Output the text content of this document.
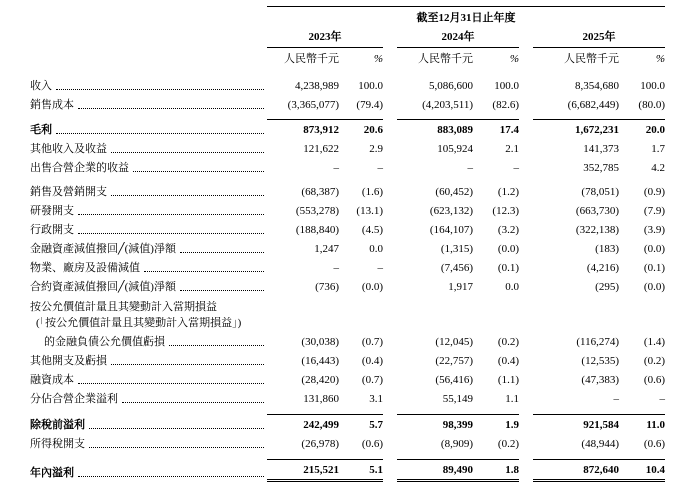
截至12月31日止年度
2023年	2024年	2025年
人民幣千元	%	人民幣千元	%	人民幣千元	%
收入	4,238,989	100.0	5,086,600	100.0	8,354,680	100.0
銷售成本	(3,365,077)	(79.4)	(4,203,511)	(82.6)	(6,682,449)	(80.0)
毛利	873,912	20.6	883,089	17.4	1,672,231	20.0
其他收入及收益	121,622	2.9	105,924	2.1	141,373	1.7
出售合營企業的收益	–	–	–	–	352,785	4.2
銷售及營銷開支	(68,387)	(1.6)	(60,452)	(1.2)	(78,051)	(0.9)
研發開支	(553,278)	(13.1)	(623,132)	(12.3)	(663,730)	(7.9)
行政開支	(188,840)	(4.5)	(164,107)	(3.2)	(322,138)	(3.9)
金融資產減值撥回╱(減值)淨額	1,247	0.0	(1,315)	(0.0)	(183)	(0.0)
物業、廠房及設備減值	–	–	(7,456)	(0.1)	(4,216)	(0.1)
合約資產減值撥回╱(減值)淨額	(736)	(0.0)	1,917	0.0	(295)	(0.0)
按公允價值計量且其變動計入當期損益
(「按公允價值計量且其變動計入當期損益」)
的金融負債公允價值虧損	(30,038)	(0.7)	(12,045)	(0.2)	(116,274)	(1.4)
其他開支及虧損	(16,443)	(0.4)	(22,757)	(0.4)	(12,535)	(0.2)
融資成本	(28,420)	(0.7)	(56,416)	(1.1)	(47,383)	(0.6)
分佔合營企業溢利	131,860	3.1	55,149	1.1	–	–
除稅前溢利	242,499	5.7	98,399	1.9	921,584	11.0
所得稅開支	(26,978)	(0.6)	(8,909)	(0.2)	(48,944)	(0.6)
年內溢利	215,521	5.1	89,490	1.8	872,640	10.4
